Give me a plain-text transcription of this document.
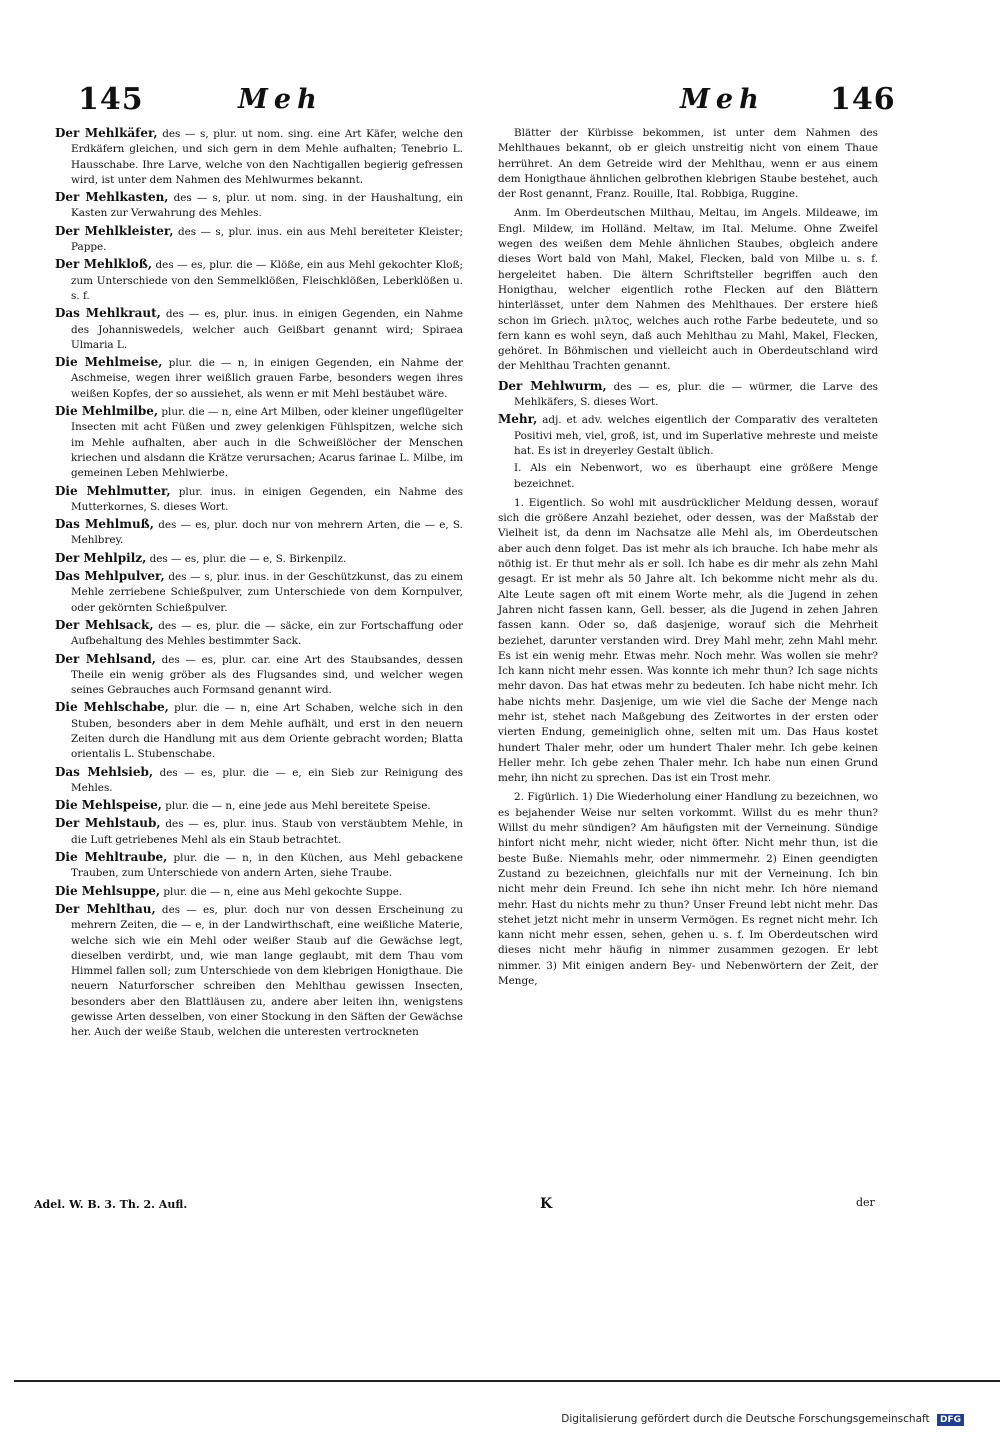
145	Meh	Meh 146

Der Mehlkäfer, des — s, plur. ut nom. sing. eine Art Käfer, welche den Erdkäfern gleichen, und sich gern in dem Mehle aufhalten; Tenebrio L. Hausschabe. Ihre Larve, welche von den Nachtigallen begierig gefressen wird, ist unter dem Nahmen des Mehlwurmes bekannt.

Der Mehlkasten, des — s, plur. ut nom. sing. in der Haushaltung, ein Kasten zur Verwahrung des Mehles.

Der Mehlkleister, des — s, plur. inus. ein aus Mehl bereiteter Kleister; Pappe.

Der Mehlkloß, des — es, plur. die — Klöße, ein aus Mehl gekochter Kloß; zum Unterschiede von den Semmelklößen, Fleischklößen, Leberklößen u. s. f.

Das Mehlkraut, des — es, plur. inus. in einigen Gegenden, ein Nahme des Johanniswedels, welcher auch Geißbart genannt wird; Spiraea Ulmaria L.

Die Mehlmeise, plur. die — n, in einigen Gegenden, ein Nahme der Aschmeise, wegen ihrer weißlich grauen Farbe, besonders wegen ihres weißen Kopfes, der so aussiehet, als wenn er mit Mehl bestäubet wäre.

Die Mehlmilbe, plur. die — n, eine Art Milben, oder kleiner ungeflügelter Insecten mit acht Füßen und zwey gelenkigen Fühlspitzen, welche sich im Mehle aufhalten, aber auch in die Schweißlöcher der Menschen kriechen und alsdann die Krätze verursachen; Acarus farinae L. Milbe, im gemeinen Leben Mehlwierbe.

Die Mehlmutter, plur. inus. in einigen Gegenden, ein Nahme des Mutterkornes, S. dieses Wort.

Das Mehlmuß, des — es, plur. doch nur von mehrern Arten, die — e, S. Mehlbrey.

Der Mehlpilz, des — es, plur. die — e, S. Birkenpilz.

Das Mehlpulver, des — s, plur. inus. in der Geschützkunst, das zu einem Mehle zerriebene Schießpulver, zum Unterschiede von dem Kornpulver, oder gekörnten Schießpulver.

Der Mehlsack, des — es, plur. die — säcke, ein zur Fortschaffung oder Aufbehaltung des Mehles bestimmter Sack.

Der Mehlsand, des — es, plur. car. eine Art des Staubsandes, dessen Theile ein wenig gröber als des Flugsandes sind, und welcher wegen seines Gebrauches auch Formsand genannt wird.

Die Mehlschabe, plur. die — n, eine Art Schaben, welche sich in den Stuben, besonders aber in dem Mehle aufhält, und erst in den neuern Zeiten durch die Handlung mit aus dem Oriente gebracht worden; Blatta orientalis L. Stubenschabe.

Das Mehlsieb, des — es, plur. die — e, ein Sieb zur Reinigung des Mehles.

Die Mehlspeise, plur. die — n, eine jede aus Mehl bereitete Speise.

Der Mehlstaub, des — es, plur. inus. Staub von verstäubtem Mehle, in die Luft getriebenes Mehl als ein Staub betrachtet.

Die Mehltraube, plur. die — n, in den Küchen, aus Mehl gebackene Trauben, zum Unterschiede von andern Arten, siehe Traube.

Die Mehlsuppe, plur. die — n, eine aus Mehl gekochte Suppe.

Der Mehlthau, des — es, plur. doch nur von dessen Erscheinung zu mehrern Zeiten, die — e, in der Landwirthschaft, eine weißliche Materie, welche sich wie ein Mehl oder weißer Staub auf die Gewächse legt, dieselben verdirbt, und, wie man lange geglaubt, mit dem Thau vom Himmel fallen soll; zum Unterschiede von dem klebrigen Honigthaue. Die neuern Naturforscher schreiben den Mehlthau gewissen Insecten, besonders aber den Blattläusen zu, andere aber leiten ihn, wenigstens gewisse Arten desselben, von einer Stockung in den Säften der Gewächse her. Auch der weiße Staub, welchen die unteresten vertrockneten

Blätter der Kürbisse bekommen, ist unter dem Nahmen des Mehlthaues bekannt, ob er gleich unstreitig nicht von einem Thaue herrühret. An dem Getreide wird der Mehlthau, wenn er aus einem dem Honigthaue ähnlichen gelbrothen klebrigen Staube bestehet, auch der Rost genannt, Franz. Rouille, Ital. Robbiga, Ruggine.

Anm. Im Oberdeutschen Milthau, Meltau, im Angels. Mildeawe, im Engl. Mildew, im Holländ. Meltaw, im Ital. Melume. Ohne Zweifel wegen des weißen dem Mehle ähnlichen Staubes, obgleich andere dieses Wort bald von Mahl, Makel, Flecken, bald von Milbe u. s. f. hergeleitet haben. Die ältern Schriftsteller begriffen auch den Honigthau, welcher eigentlich rothe Flecken auf den Blättern hinterlässet, unter dem Nahmen des Mehlthaues. Der erstere hieß schon im Griech. μιλτος, welches auch rothe Farbe bedeutete, und so fern kann es wohl seyn, daß auch Mehlthau zu Mahl, Makel, Flecken, gehöret. In Böhmischen und vielleicht auch in Oberdeutschland wird der Mehlthau Trachten genannt.

Der Mehlwurm, des — es, plur. die — würmer, die Larve des Mehlkäfers, S. dieses Wort.

Mehr, adj. et adv. welches eigentlich der Comparativ des veralteten Positivi meh, viel, groß, ist, und im Superlative mehreste und meiste hat. Es ist in dreyerley Gestalt üblich.

I. Als ein Nebenwort, wo es überhaupt eine größere Menge bezeichnet.

1. Eigentlich. So wohl mit ausdrücklicher Meldung dessen, worauf sich die größere Anzahl beziehet, oder dessen, was der Maßstab der Vielheit ist, da denn im Nachsatze alle Mehl als, im Oberdeutschen aber auch denn folget. Das ist mehr als ich brauche. Ich habe mehr als nöthig ist. Er thut mehr als er soll. Ich habe es dir mehr als zehn Mahl gesagt. Er ist mehr als 50 Jahre alt. Ich bekomme nicht mehr als du. Alte Leute sagen oft mit einem Worte mehr, als die Jugend in zehen Jahren nicht fassen kann, Gell. besser, als die Jugend in zehen Jahren fassen kann. Oder so, daß dasjenige, worauf sich die Mehrheit beziehet, darunter verstanden wird. Drey Mahl mehr, zehn Mahl mehr. Es ist ein wenig mehr. Etwas mehr. Noch mehr. Was wollen sie mehr? Ich kann nicht mehr essen. Was konnte ich mehr thun? Ich sage nichts mehr davon. Das hat etwas mehr zu bedeuten. Ich habe nicht mehr. Ich habe nichts mehr. Dasjenige, um wie viel die Sache der Menge nach mehr ist, stehet nach Maßgebung des Zeitwortes in der ersten oder vierten Endung, gemeiniglich ohne, selten mit um. Das Haus kostet hundert Thaler mehr, oder um hundert Thaler mehr. Ich gebe keinen Heller mehr. Ich gebe zehen Thaler mehr. Ich habe nun einen Grund mehr, ihn nicht zu sprechen. Das ist ein Trost mehr.

2. Figürlich. 1) Die Wiederholung einer Handlung zu bezeichnen, wo es bejahender Weise nur selten vorkommt. Willst du es mehr thun? Willst du mehr sündigen? Am häufigsten mit der Verneinung. Sündige hinfort nicht mehr, nicht wieder, nicht öfter. Nicht mehr thun, ist die beste Buße. Niemahls mehr, oder nimmermehr. 2) Einen geendigten Zustand zu bezeichnen, gleichfalls nur mit der Verneinung. Ich bin nicht mehr dein Freund. Ich sehe ihn nicht mehr. Ich höre niemand mehr. Hast du nichts mehr zu thun? Unser Freund lebt nicht mehr. Das stehet jetzt nicht mehr in unserm Vermögen. Es regnet nicht mehr. Ich kann nicht mehr essen, sehen, gehen u. s. f. Im Oberdeutschen wird dieses nicht mehr häufig in nimmer zusammen gezogen. Er lebt nimmer. 3) Mit einigen andern Bey- und Nebenwörtern der Zeit, der Menge,

Adel. W. B. 3. Th. 2. Aufl.	K	der
Digitalisierung gefördert durch die Deutsche Forschungsgemeinschaft DFG
